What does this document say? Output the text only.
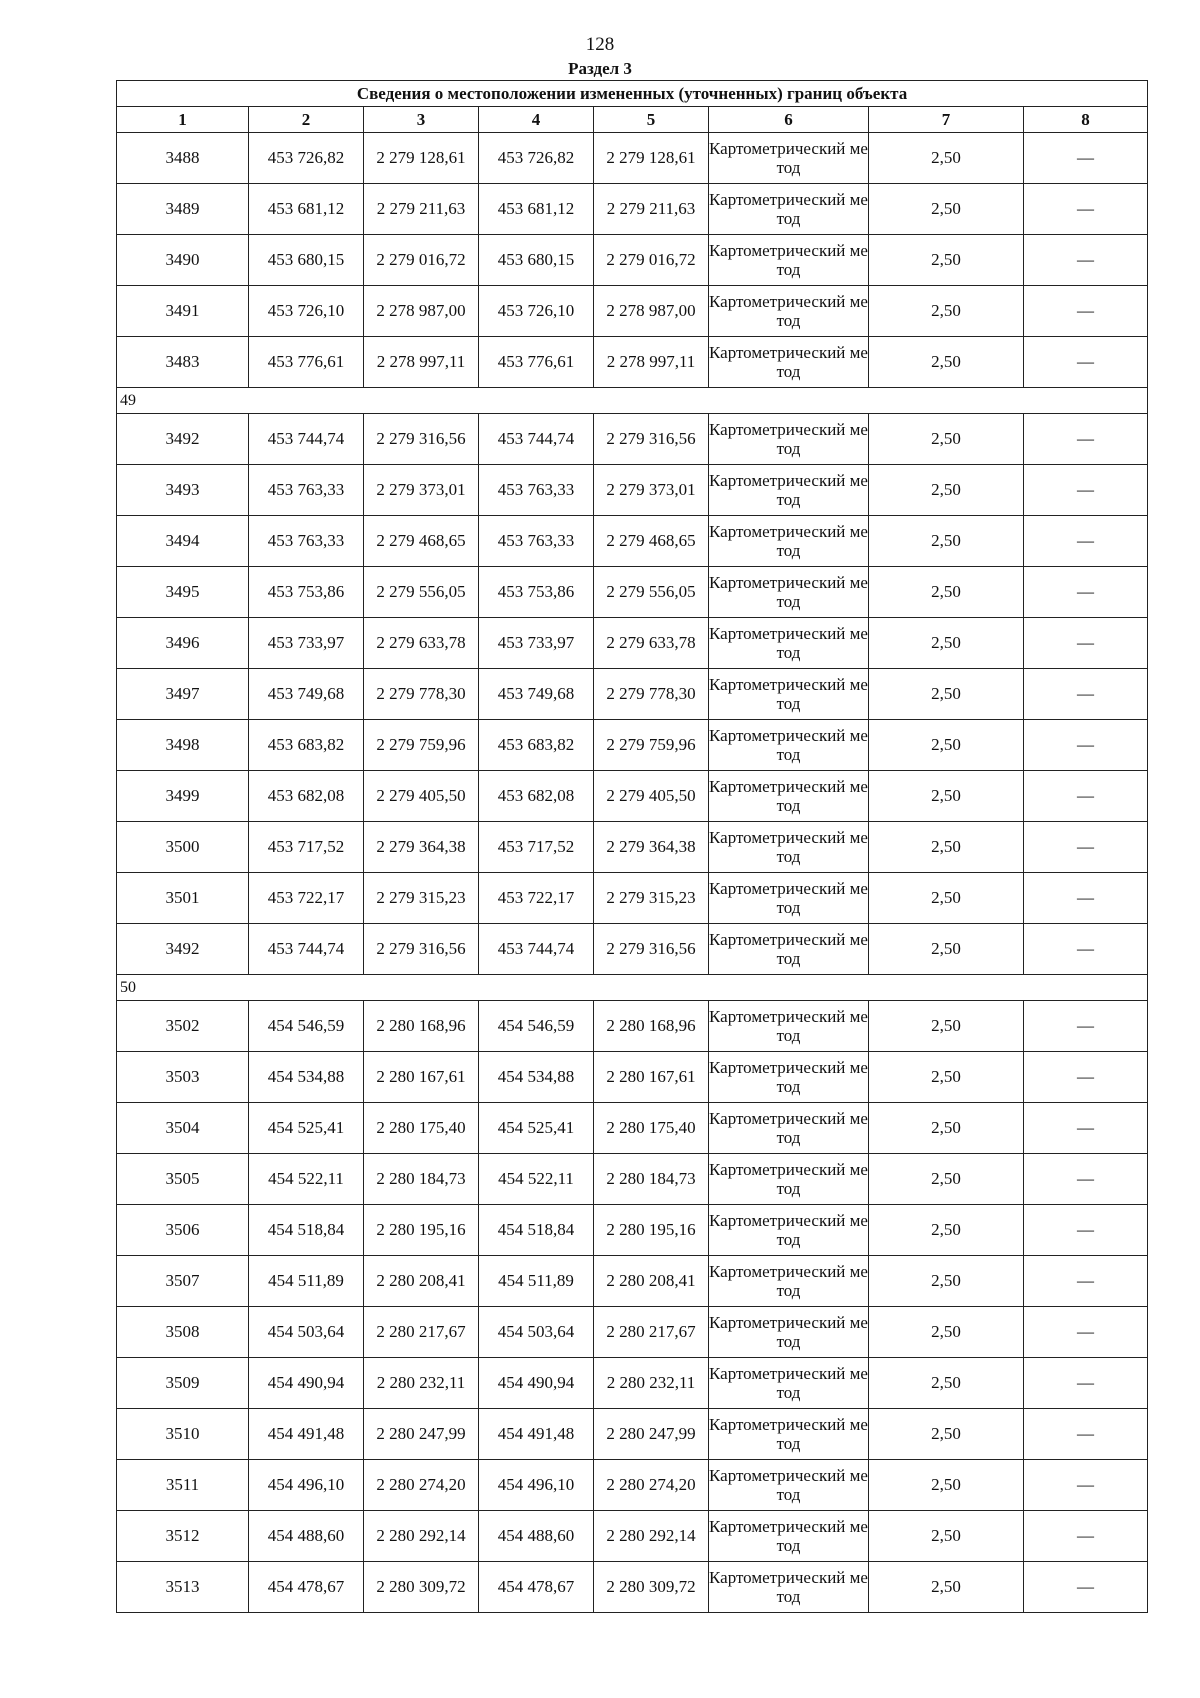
128
Раздел 3
Сведения о местоположении измененных (уточненных) границ объекта							
1	2	3	4	5	6	7	8
3488	453 726,82	2 279 128,61	453 726,82	2 279 128,61	Картометрический метод	2,50	—
3489	453 681,12	2 279 211,63	453 681,12	2 279 211,63	Картометрический метод	2,50	—
3490	453 680,15	2 279 016,72	453 680,15	2 279 016,72	Картометрический метод	2,50	—
3491	453 726,10	2 278 987,00	453 726,10	2 278 987,00	Картометрический метод	2,50	—
3483	453 776,61	2 278 997,11	453 776,61	2 278 997,11	Картометрический метод	2,50	—
49							
3492	453 744,74	2 279 316,56	453 744,74	2 279 316,56	Картометрический метод	2,50	—
3493	453 763,33	2 279 373,01	453 763,33	2 279 373,01	Картометрический метод	2,50	—
3494	453 763,33	2 279 468,65	453 763,33	2 279 468,65	Картометрический метод	2,50	—
3495	453 753,86	2 279 556,05	453 753,86	2 279 556,05	Картометрический метод	2,50	—
3496	453 733,97	2 279 633,78	453 733,97	2 279 633,78	Картометрический метод	2,50	—
3497	453 749,68	2 279 778,30	453 749,68	2 279 778,30	Картометрический метод	2,50	—
3498	453 683,82	2 279 759,96	453 683,82	2 279 759,96	Картометрический метод	2,50	—
3499	453 682,08	2 279 405,50	453 682,08	2 279 405,50	Картометрический метод	2,50	—
3500	453 717,52	2 279 364,38	453 717,52	2 279 364,38	Картометрический метод	2,50	—
3501	453 722,17	2 279 315,23	453 722,17	2 279 315,23	Картометрический метод	2,50	—
3492	453 744,74	2 279 316,56	453 744,74	2 279 316,56	Картометрический метод	2,50	—
50							
3502	454 546,59	2 280 168,96	454 546,59	2 280 168,96	Картометрический метод	2,50	—
3503	454 534,88	2 280 167,61	454 534,88	2 280 167,61	Картометрический метод	2,50	—
3504	454 525,41	2 280 175,40	454 525,41	2 280 175,40	Картометрический метод	2,50	—
3505	454 522,11	2 280 184,73	454 522,11	2 280 184,73	Картометрический метод	2,50	—
3506	454 518,84	2 280 195,16	454 518,84	2 280 195,16	Картометрический метод	2,50	—
3507	454 511,89	2 280 208,41	454 511,89	2 280 208,41	Картометрический метод	2,50	—
3508	454 503,64	2 280 217,67	454 503,64	2 280 217,67	Картометрический метод	2,50	—
3509	454 490,94	2 280 232,11	454 490,94	2 280 232,11	Картометрический метод	2,50	—
3510	454 491,48	2 280 247,99	454 491,48	2 280 247,99	Картометрический метод	2,50	—
3511	454 496,10	2 280 274,20	454 496,10	2 280 274,20	Картометрический метод	2,50	—
3512	454 488,60	2 280 292,14	454 488,60	2 280 292,14	Картометрический метод	2,50	—
3513	454 478,67	2 280 309,72	454 478,67	2 280 309,72	Картометрический метод	2,50	—
